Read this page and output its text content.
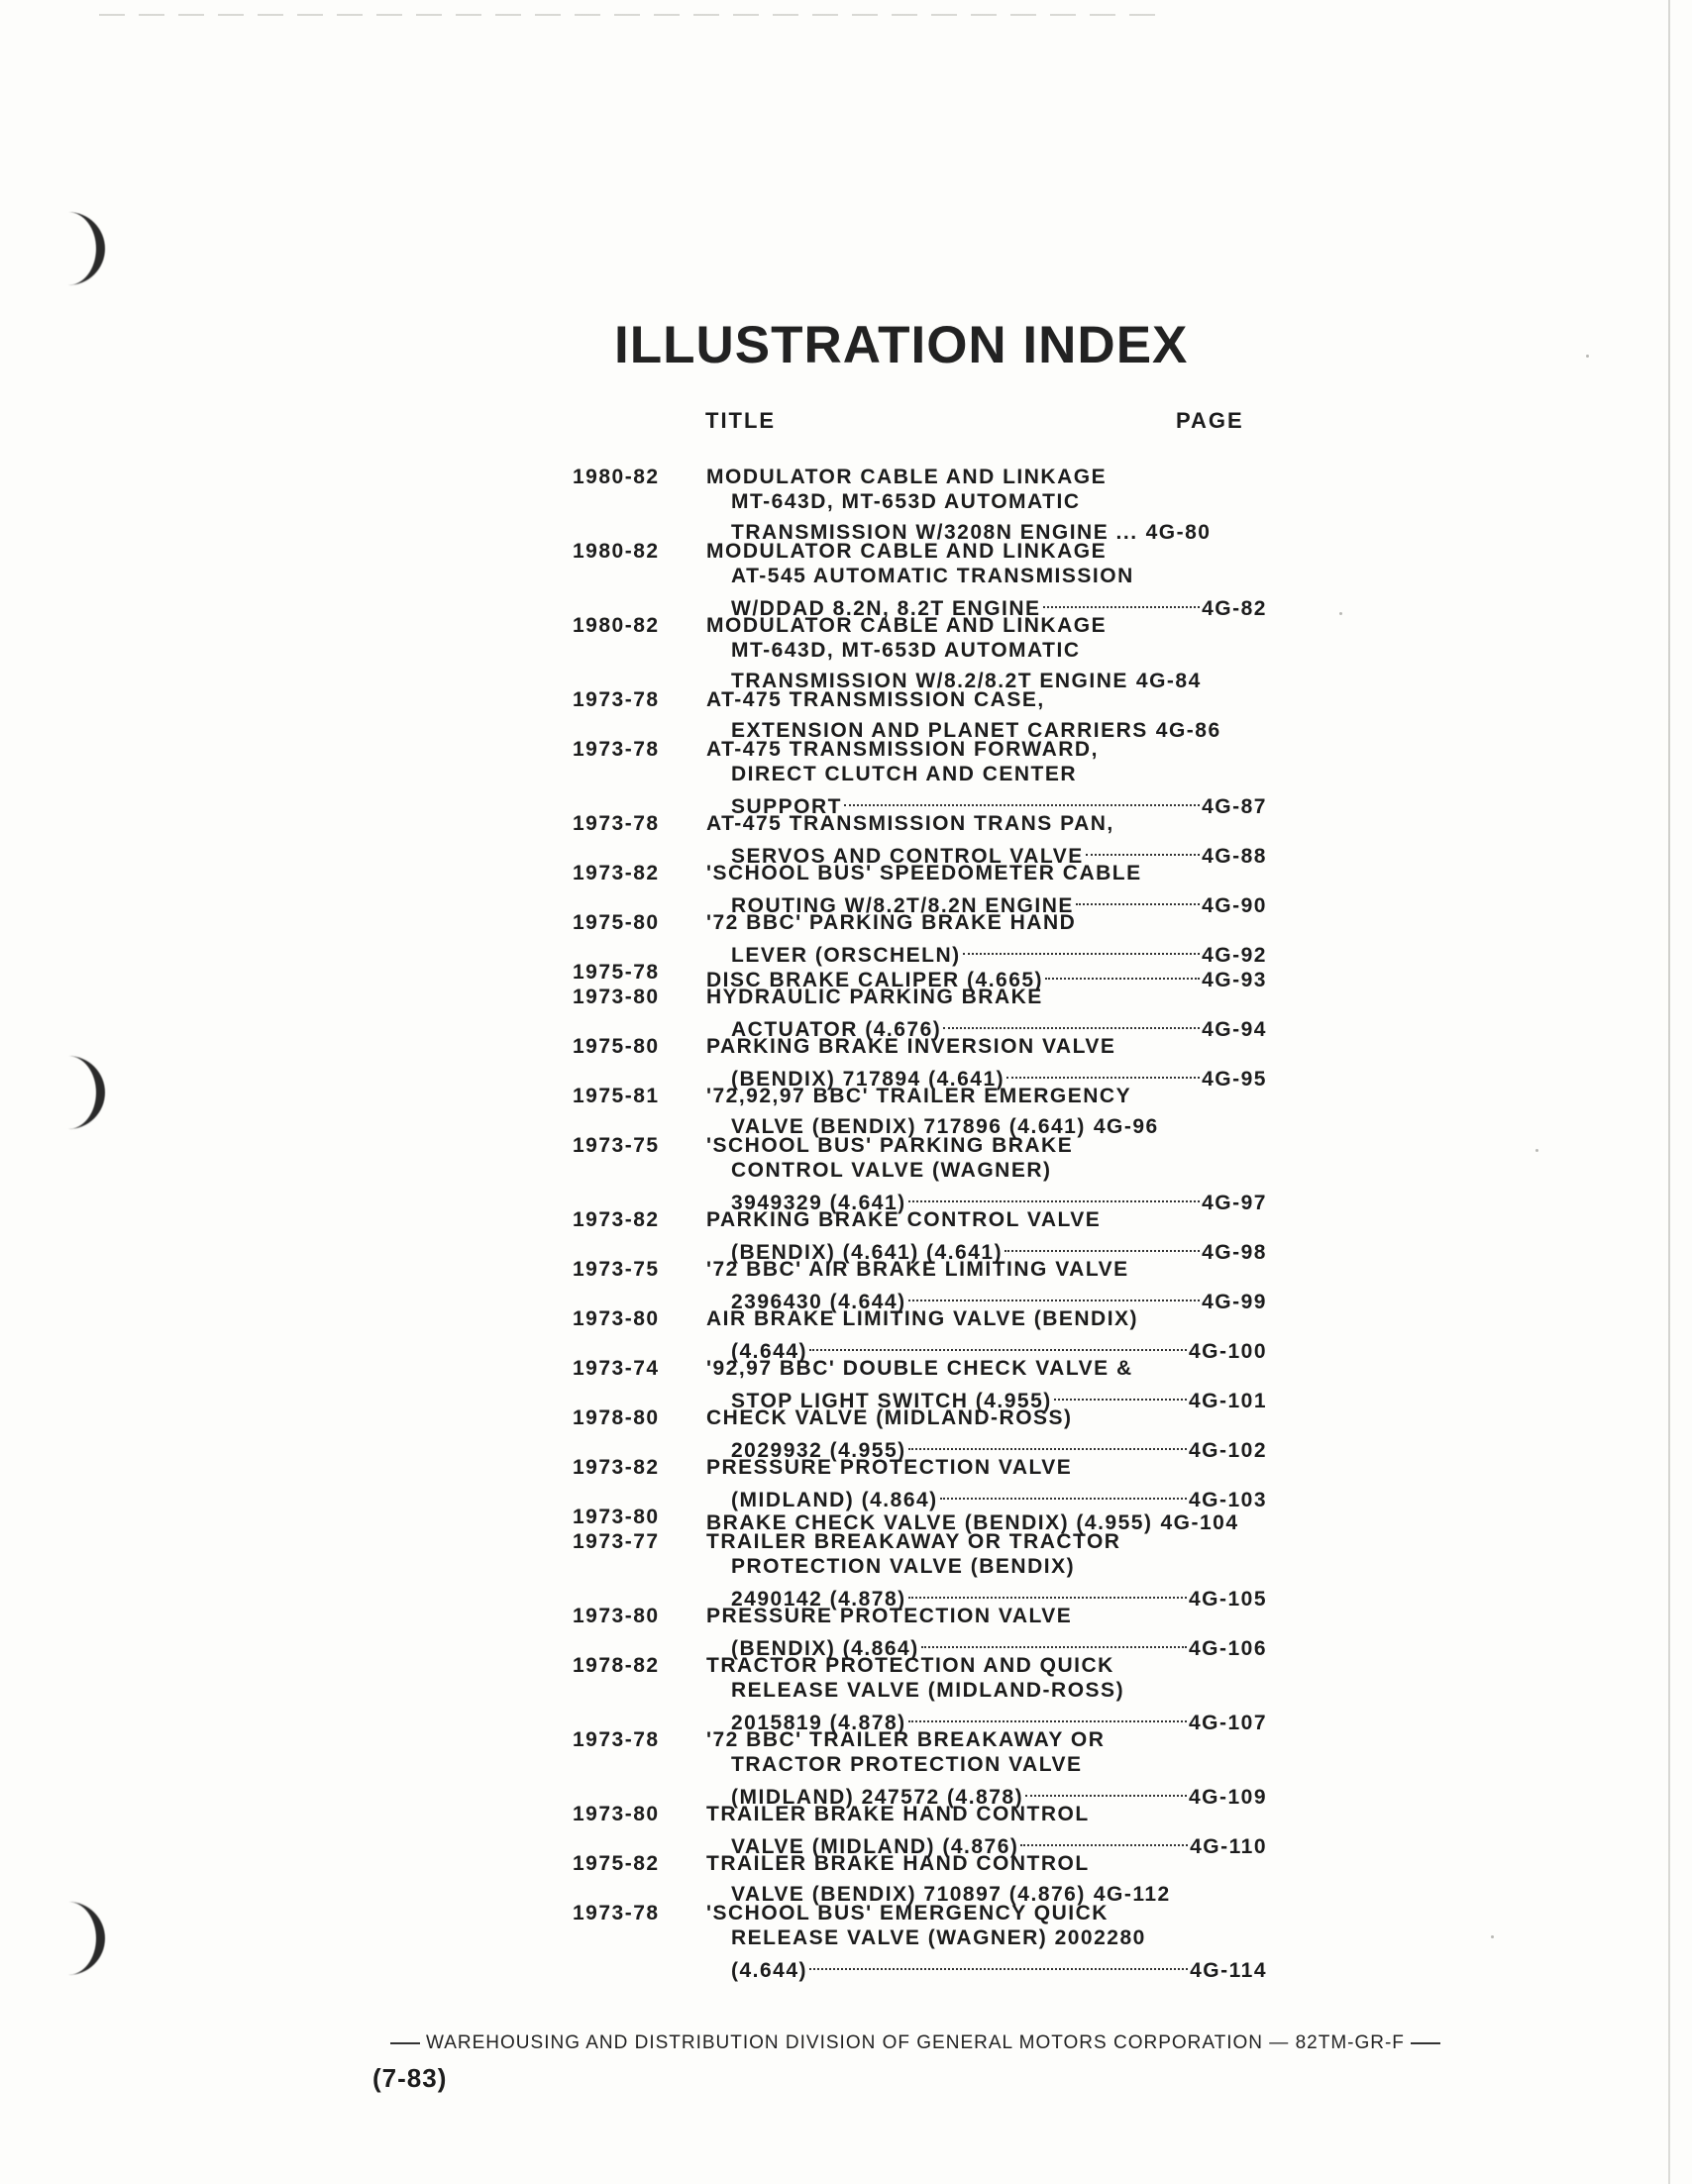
ILLUSTRATION INDEX
TITLE	PAGE
1980-82	MODULATOR CABLE AND LINKAGE
MT-643D, MT-653D AUTOMATIC
TRANSMISSION W/3208N ENGINE ... 4G-80
1980-82	MODULATOR CABLE AND LINKAGE
AT-545 AUTOMATIC TRANSMISSION
W/DDAD 8.2N, 8.2T ENGINE	4G-82
1980-82	MODULATOR CABLE AND LINKAGE
MT-643D, MT-653D AUTOMATIC
TRANSMISSION W/8.2/8.2T ENGINE 4G-84
1973-78	AT-475 TRANSMISSION CASE,
EXTENSION AND PLANET CARRIERS 4G-86
1973-78	AT-475 TRANSMISSION FORWARD,
DIRECT CLUTCH AND CENTER
SUPPORT	4G-87
1973-78	AT-475 TRANSMISSION TRANS PAN,
SERVOS AND CONTROL VALVE	4G-88
1973-82	'SCHOOL BUS' SPEEDOMETER CABLE
ROUTING W/8.2T/8.2N ENGINE	4G-90
1975-80	'72 BBC' PARKING BRAKE HAND
LEVER (ORSCHELN)	4G-92
1975-78	DISC BRAKE CALIPER (4.665)	4G-93
1973-80	HYDRAULIC PARKING BRAKE
ACTUATOR (4.676)	4G-94
1975-80	PARKING BRAKE INVERSION VALVE
(BENDIX) 717894 (4.641)	4G-95
1975-81	'72,92,97 BBC' TRAILER EMERGENCY
VALVE (BENDIX) 717896 (4.641) 4G-96
1973-75	'SCHOOL BUS' PARKING BRAKE
CONTROL VALVE (WAGNER)
3949329 (4.641)	4G-97
1973-82	PARKING BRAKE CONTROL VALVE
(BENDIX) (4.641) (4.641)	4G-98
1973-75	'72 BBC' AIR BRAKE LIMITING VALVE
2396430 (4.644)	4G-99
1973-80	AIR BRAKE LIMITING VALVE (BENDIX)
(4.644)	4G-100
1973-74	'92,97 BBC' DOUBLE CHECK VALVE &
STOP LIGHT SWITCH (4.955)	4G-101
1978-80	CHECK VALVE (MIDLAND-ROSS)
2029932 (4.955)	4G-102
1973-82	PRESSURE PROTECTION VALVE
(MIDLAND) (4.864)	4G-103
1973-80	BRAKE CHECK VALVE (BENDIX) (4.955) 4G-104
1973-77	TRAILER BREAKAWAY OR TRACTOR
PROTECTION VALVE (BENDIX)
2490142 (4.878)	4G-105
1973-80	PRESSURE PROTECTION VALVE
(BENDIX) (4.864)	4G-106
1978-82	TRACTOR PROTECTION AND QUICK
RELEASE VALVE (MIDLAND-ROSS)
2015819 (4.878)	4G-107
1973-78	'72 BBC' TRAILER BREAKAWAY OR
TRACTOR PROTECTION VALVE
(MIDLAND) 247572 (4.878)	4G-109
1973-80	TRAILER BRAKE HAND CONTROL
VALVE (MIDLAND) (4.876)	4G-110
1975-82	TRAILER BRAKE HAND CONTROL
VALVE (BENDIX) 710897 (4.876) 4G-112
1973-78	'SCHOOL BUS' EMERGENCY QUICK
RELEASE VALVE (WAGNER) 2002280
(4.644)	4G-114
WAREHOUSING AND DISTRIBUTION DIVISION OF GENERAL MOTORS CORPORATION — 82TM-GR-F
(7-83)
